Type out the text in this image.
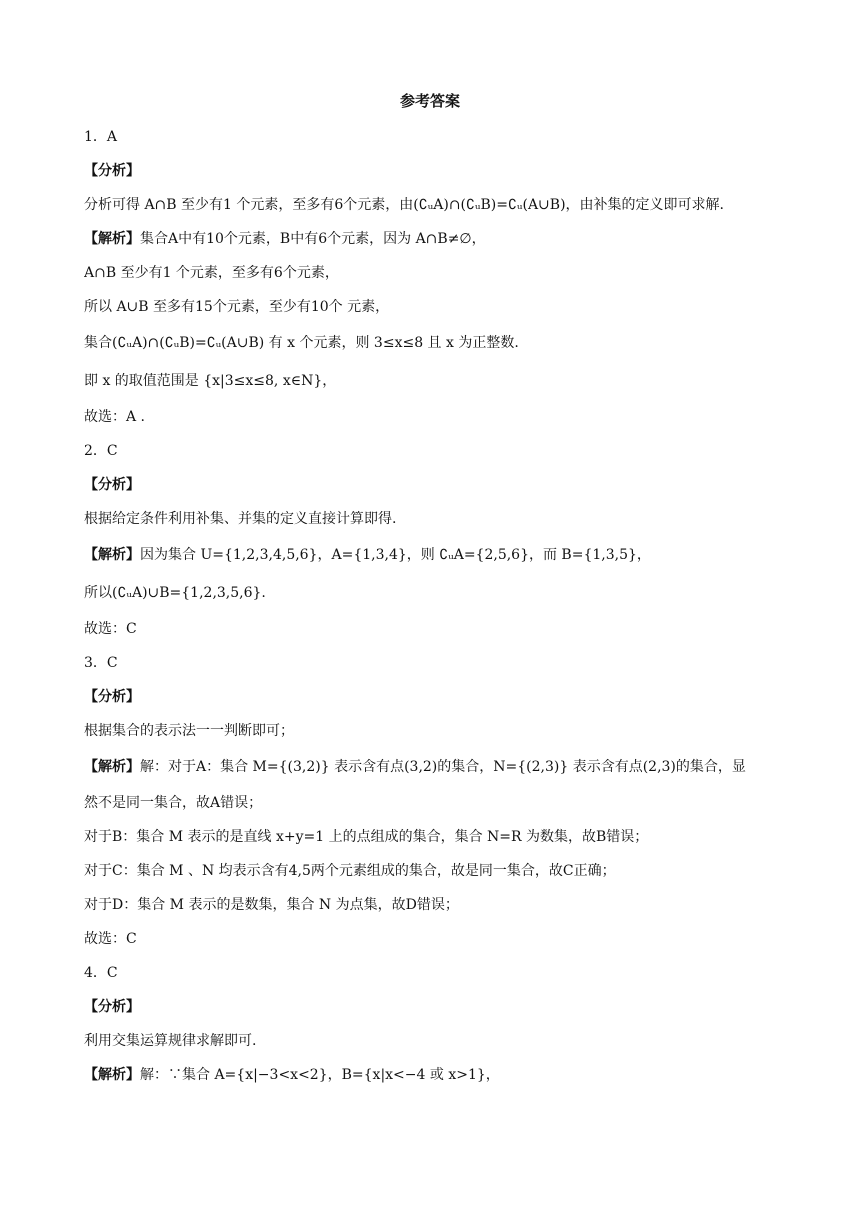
参考答案
1．A
【分析】
分析可得 A∩B 至少有1 个元素，至多有6个元素，由(∁ᵤA)∩(∁ᵤB)=∁ᵤ(A∪B)，由补集的定义即可求解.
【解析】集合A中有10个元素，B中有6个元素，因为 A∩B≠∅，
A∩B 至少有1 个元素，至多有6个元素，
所以 A∪B 至多有15个元素，至少有10个 元素，
集合(∁ᵤA)∩(∁ᵤB)=∁ᵤ(A∪B) 有 x 个元素，则 3≤x≤8 且 x 为正整数.
即 x 的取值范围是 {x|3≤x≤8, x∈N}，
故选：A .
2．C
【分析】
根据给定条件利用补集、并集的定义直接计算即得.
【解析】因为集合 U={1,2,3,4,5,6}，A={1,3,4}，则 ∁ᵤA={2,5,6}，而 B={1,3,5}，
所以(∁ᵤA)∪B={1,2,3,5,6}.
故选：C
3．C
【分析】
根据集合的表示法一一判断即可；
【解析】解：对于A：集合 M={(3,2)} 表示含有点(3,2)的集合，N={(2,3)} 表示含有点(2,3)的集合，显
然不是同一集合，故A错误；
对于B：集合 M 表示的是直线 x+y=1 上的点组成的集合，集合 N=R 为数集，故B错误；
对于C：集合 M 、N 均表示含有4,5两个元素组成的集合，故是同一集合，故C正确；
对于D：集合 M 表示的是数集，集合 N 为点集，故D错误；
故选：C
4．C
【分析】
利用交集运算规律求解即可.
【解析】解：∵集合 A={x|−3<x<2}，B={x|x<−4 或 x>1}，
